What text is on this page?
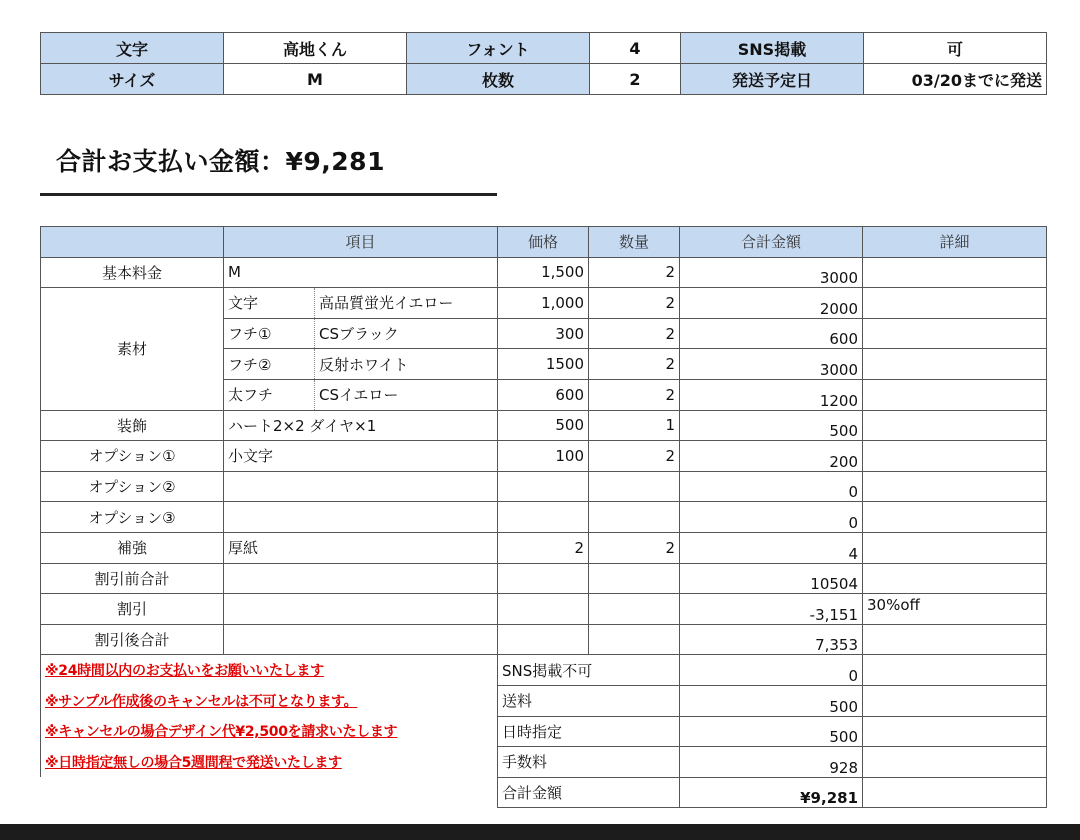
文字	高地くん	フォント	4	SNS掲載	可
サイズ	M	枚数	2	発送予定日	03/20までに発送
合計お支払い金額：¥9,281
	項目		価格	数量	合計金額	詳細
基本料金	M		1,500	2	3000	
素材	文字	高品質蛍光イエロー	1,000	2	2000	
	フチ①	CSブラック	300	2	600	
	フチ②	反射ホワイト	1500	2	3000	
	太フチ	CSイエロー	600	2	1200	
装飾	ハート2×2 ダイヤ×1		500	1	500	
オプション①	小文字		100	2	200	
オプション②					0	
オプション③					0	
補強	厚紙		2	2	4	
割引前合計					10504	
割引					-3,151	30%off
割引後合計					7,353	
※24時間以内のお支払いをお願いいたします			SNS掲載不可		0	
※サンプル作成後のキャンセルは不可となります。			送料		500	
※キャンセルの場合デザイン代¥2,500を請求いたします			日時指定		500	
※日時指定無しの場合5週間程で発送いたします			手数料		928	
			合計金額		¥9,281	
